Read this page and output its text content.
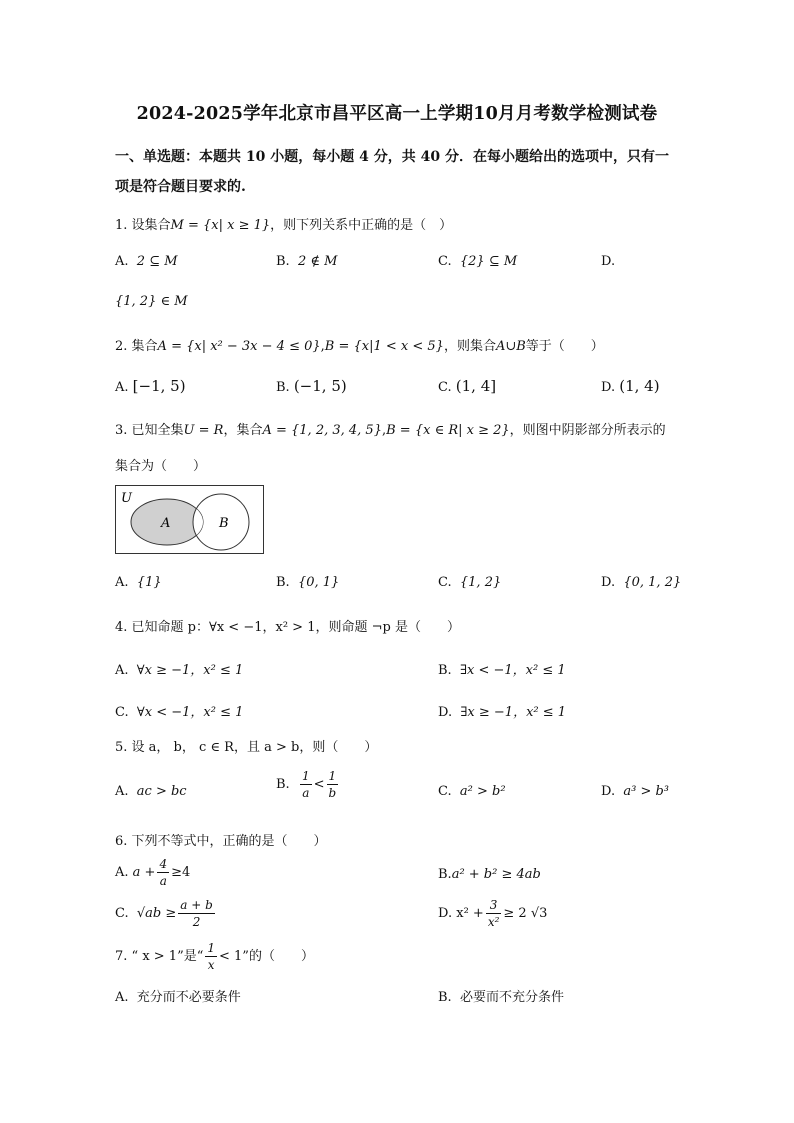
2024-2025学年北京市昌平区高一上学期10月月考数学检测试卷
一、单选题：本题共 10 小题，每小题 4 分，共 40 分．在每小题给出的选项中，只有一
项是符合题目要求的.
1. 设集合M = {x| x ≥ 1}，则下列关系中正确的是（　）
A. 2 ⊆ M	B. 2 ∉ M	C. {2} ⊆ M	D.
{1, 2} ∈ M
2. 集合A = {x| x² − 3x − 4 ≤ 0},B = {x|1 < x < 5}，则集合A∪B等于（　　）
A. [−1, 5)	B. (−1, 5)	C. (1, 4]	D. (1, 4)
3. 已知全集U = R，集合A = {1, 2, 3, 4, 5},B = {x ∈ R| x ≥ 2}，则图中阴影部分所表示的
集合为（　　）
U
A	B
A. {1}	B. {0, 1}	C. {1, 2}	D. {0, 1, 2}
4. 已知命题 p：∀x < −1，x² > 1，则命题 ¬p 是（　　）
A. ∀x ≥ −1，x² ≤ 1	B. ∃x < −1，x² ≤ 1
C. ∀x < −1，x² ≤ 1	D. ∃x ≥ −1，x² ≤ 1
5. 设 a， b， c ∈ R，且 a > b，则（　　）
A. ac > bc	B. $\frac{1}{a} < \frac{1}{b}$	C. a² > b²	D. a³ > b³
6. 下列不等式中，正确的是（　　）
A. $a + \frac{4}{a} \ge 4$	B.a² + b² ≥ 4ab
C. $√ab \ge \frac{a + b}{2}$	D. $x^2 + \frac{3}{\text{x²}} \ge 2$ √3
7. “ x > 1”是“ $\frac{1}{x} < 1$”的（　　）
A. 充分而不必要条件	B. 必要而不充分条件
